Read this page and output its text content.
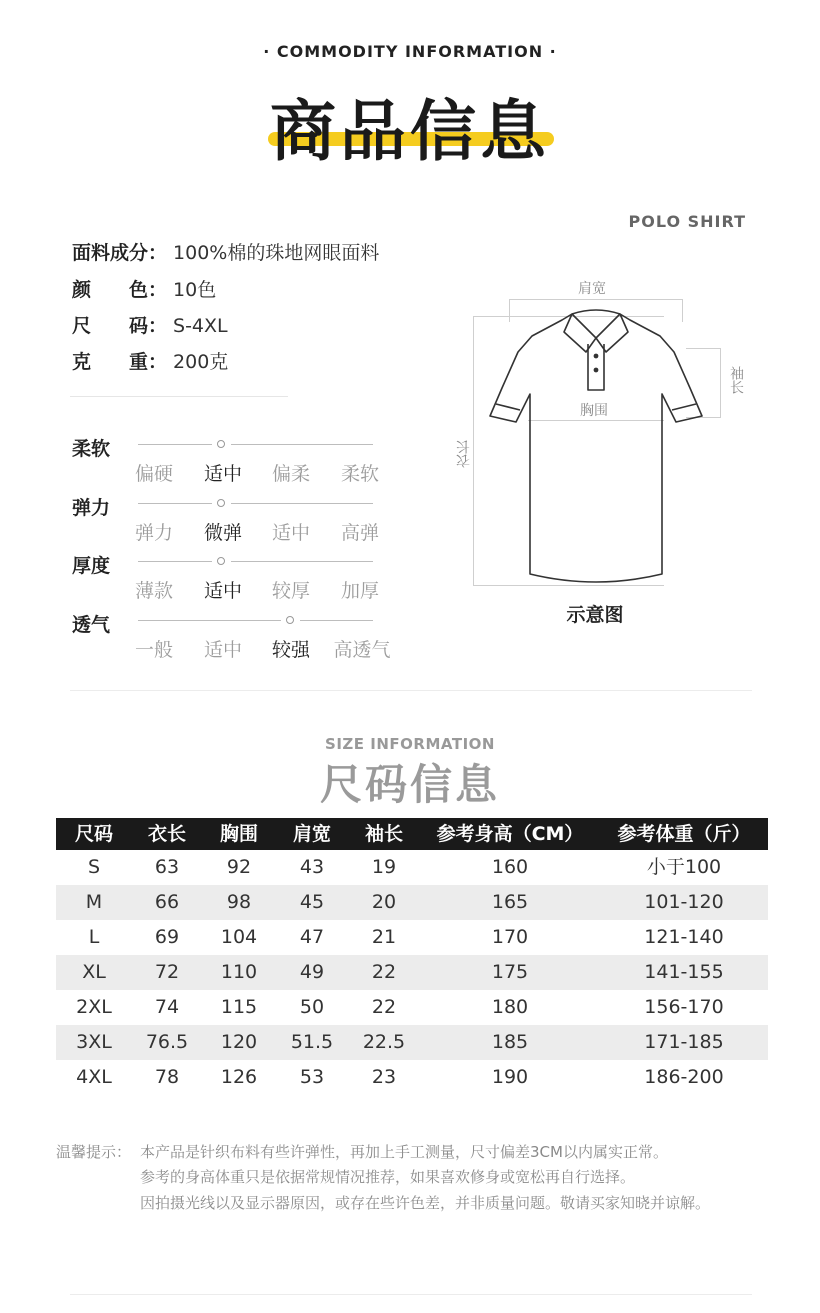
· COMMODITY INFORMATION ·
商品信息
POLO SHIRT
面料成分： 100%棉的珠地网眼面料
颜　　色： 10色
尺　　码： S-4XL
克　　重： 200克
柔软
偏硬	适中	偏柔	柔软
弹力
弹力	微弹	适中	高弹
厚度
薄款	适中	较厚	加厚
透气
一般	适中	较强	高透气
肩宽
衣长
袖长
胸围
示意图
SIZE INFORMATION
尺码信息
尺码	衣长	胸围	肩宽	袖长	参考身高（CM）	参考体重（斤）
S	63	92	43	19	160	小于100
M	66	98	45	20	165	101-120
L	69	104	47	21	170	121-140
XL	72	110	49	22	175	141-155
2XL	74	115	50	22	180	156-170
3XL	76.5	120	51.5	22.5	185	171-185
4XL	78	126	53	23	190	186-200
温馨提示： 本产品是针织布料有些许弹性，再加上手工测量，尺寸偏差3CM以内属实正常。
参考的身高体重只是依据常规情况推荐，如果喜欢修身或宽松再自行选择。
因拍摄光线以及显示器原因，或存在些许色差，并非质量问题。敬请买家知晓并谅解。
